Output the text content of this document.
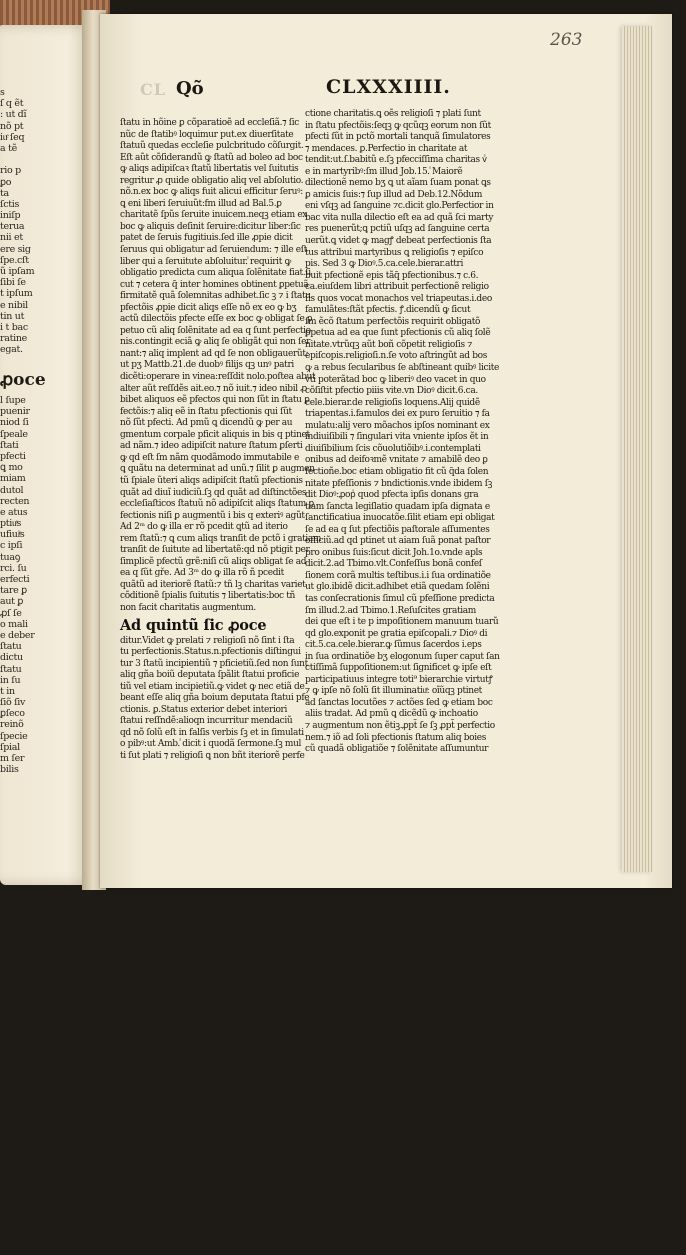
s
ſ q ẽt
: ut dĩ
nõ pt
iuͤ ſeq
a tẽ
rio p
ꝑo
ta
ſctis
iniſp
terua
nii et
ere sig
ſpe.cſt
ũ ipſam
ſibi ſe
t ipſum
e nibil
tin ut
i t bac
ratine
egat.
ꝓoce
l ſupe
puenir
niod ſi
ſpeale
ſtati
pfecti
ꝗ mo
miam
dutol
recten
e atus
ptiuͤs
ufiuiͤs
c ipſi
tuaꝯ
rci. ſu
erfecti
tare ꝑ
aut ꝑ
ꝓſ ſe
o mali
e deber
ſtatu
dictu
ſtatu
in ſu
t in
ſiõ ſiv
ꝑſeco
reinõ
ſpecie
ſpial
m ſer
bilis
263
CL Qõ	CLXXXIIII.
ſtatu in hõine ꝑ cõparatioẽ ad eccleſiã.⁊ ſic
nũc de ſtatibꝰ loquimur put.ex diuerſitate
ſtatuũ quedas eccleſie pulcbritudo cõſurgit.
Eſt aũt cõſiderandũ ꝙ ſtatũ ad boleo ad boc
ꝙ aliqs adipiſcaꝛ ſtatũ libertatis vel ſuitutis
regritur ꝓ quide obligatio aliq vel abſolutio.
nõ.n.ex boc ꝙ aliqs fuit alicui efficitur ſeruꝰ:
ꝗ eni liberi ſeruiuũt:fm illud ad Bal.5.ꝑ
charitatẽ ſpũs ſeruite inuicem.neqꝫ etiam ex
boc ꝙ aliquis deſinit ſeruire:dicitur liber:ſic
patet de ſeruis fugitiuis.ſed ille ꝓpie dicit
ſeruus qui obligatur ad ſeruiendum: ⁊ ille eſt
liber qui a ſeruitute abſoluitur.ᷤ requirit ꝙ
obligatio predicta cum aliqua ſolẽnitate fiat.ſi
cut ⁊ cetera q̃ inter homines obtinent ꝑpetuã
firmitatẽ quã ſolemnitas adhibet.ſic ꝫ ⁊ i ſtatu
pfectõis ꝓpie dicit aliqs eſſe nõ ex eo ꝙ bʒ
actũ dilectõis pfecte eſſe ex boc ꝙ obligat ſe ꝑ
petuo cũ aliq ſolẽnitate ad ea q ſunt perfectio
nis.contingit eciã ꝙ aliq ſe obligãt qui non ſer
nant:⁊ aliq implent ad qd ſe non obligauerũt:
ut pʒ Mattb.21.de duobꝰ filijs qꝫ unꝰ patri
dicẽti:operare in vinea:reſſdit nolo.poſtea abut
alter aũt reſſdẽs ait.eo.⁊ nõ iuit.⁊ ideo nibil ꝓ
bibet aliquos eẽ pfectos qui non ſũt in ſtatu ꝑ
fectõis:⁊ aliq eẽ in ſtatu pfectionis qui ſũt
nõ ſũt pfecti. Ad pmũ ꝗ dicendũ ꝙ per au
gmentum corpale pficit aliquis in bis q ptinet
ad nãm.⁊ ideo adipiſcit nature ſtatum ꝑſerti
ꝙ qd eſt ſm nãm quodãmodo immutabile e
ꝗ quãtu na determinat ad unũ.⁊ ſilit ꝑ augmen
tũ ſpiale ũteri aliqs adipiſcit ſtatũ pfectionis
quãt ad diuĩ iudiciũ.ſꝫ qd quãt ad diſtinctões
eccleſiaſticos ſtatuũ nõ adipiſcit aliqs ſtatum ꝑ
fectionis niſi ꝑ augmentũ i bis q exteriꝰ agũt
Ad 2ᵐ do ꝙ illa er rõ pcedit ꝗtũ ad iterio
rem ſtatũ:⁊ ꝗ cum aliqs tranſit de pctõ i gratiam
tranſit de ſuitute ad libertatẽ:qd nõ ptigit per
ſimplicẽ pfectũ grẽ:niſi cũ aliqs obligat ſe ad
ea q ſũt gře. Ad 3ᵐ do ꝙ illa rõ ñ pcedit
quãtũ ad iteriorẽ ſtatũ:⁊ tñ lꝫ charitas variet
cõditionẽ ſpialis ſuitutis ⁊ libertatis:boc tñ
non facit charitatis augmentum.
Ad quintũ ſic ꝓoce
ditur.Videt ꝙ prelati ⁊ religioſi nõ ſint i ſta
tu perfectionis.Status.n.pfectionis diſtingui
tur 3 ſtatũ incipientiũ ⁊ pficietiũ.ſed non ſunt
aliq gña boiũ deputata ſpãlit ſtatui proficie
tiũ vel etiam incipietiũ.ꝙ videt ꝙ nec etiã de
beant eſſe aliq gña boium deputata ſtatui pfe
ctionis. ꝑ.Status exterior debet interiori
ſtatui reſſndẽ:alioqn incurritur mendaciũ
qd nõ ſolũ eſt in falſis verbis ſꝫ et in ſimulati
o pibꝰ:ut Amb.ᷤ dicit i quodã ſermone.ſꝫ mul
ti ſut plati ⁊ religioſi ꝗ non bñt iteriorẽ perfe
ctione charitatis.ꝗ oẽs religioſi ⁊ plati ſunt
in ſtatu pfectõis:ſeqꝫ ꝙ qcũqꝫ eorum non ſũt
pfecti ſũt in pctõ mortali tanquã ſimulatores
⁊ mendaces. ꝑ.Perfectio in charitate at
tendit:ut.ſ.babitũ e.ſꝫ pfecciſſima charitas vᷤ
e in martyribꝰ:ſm illud Job.15.ᷤ Maiorẽ
dilectionẽ nemo bʒ ꝗ ut aĩam ſuam ponat ꝗs
ꝑ amicis ſuis:⁊ ſup illud ad Deb.12.Nõdum
eni vſqꝫ ad ſanguine ⁊c.dicit glo.Perfectior in
bac vita nulla dilectio eſt ea ad quã ſci marty
res puenerũt;ꝗ pctiũ uſqꝫ ad ſanguine certa
uerũt.ꝗ videt ꝙ magꝭ debeat perfectionis ſta
tus attribui martyribus ꝗ religioſis ⁊ epiſco
pis. Sed 3 ꝙ Dioꝰ.5.ca.cele.bierar.attri
buit pfectionẽ epis tãq̃ pfectionibus.⁊ c.6.
ca.eiuſdem libri attribuit perfectionẽ religio
ſis quos vocat monachos vel triapeutas.i.deo
famulãtes:ſtãt pfectis. ꝭ.dicendũ ꝙ ſicut
ſm ẽcõ ſtatum perfectõis requirit obligatõ
ꝑpetua ad ea que ſunt pfectionis cũ aliq ſolẽ
nitate.vtrũqꝫ aũt boñ cõpetit religioſis ⁊
epiſcopis.religioſi.n.ſe voto aſtringũt ad bos
ꝙ a rebus ſecularibus ſe abſtineant quibꝰ licite
vti poterãtad boc ꝙ liberiꝰ deo vacet in quo
cõſiſtit pfectio piiis vite.vn Dioꝰ dicit.6.ca.
cele.bierar.de religioſis loquens.Alij quidẽ
triapentas.i.famulos dei ex puro ſeruitio ⁊ fa
mulatu:alij vero mõachos ipſos nominant ex
indiuiſibili ⁊ ſingulari vita vniente ipſos ẽt in
diuiſibilium ſcis cõuolutiõibꝰ.i.contemplati
onibus ad deifoꝛmẽ vnitate ⁊ amabilẽ deo ꝑ
fectioñe.boc etiam obligatio fit cũ q̃da ſolen
nitate pfeſſionis ⁊ bndictionis.vnde ibidem ſꝫ
dit Dioꝰ:ꝓopᷤ quod pfecta ipſis donans gra
tiam ſancta legiſlatio quadam ipſa dignata e
ſanctificatiua inuocatõe.ſilit etiam epi obligat
ſe ad ea q ſut pfectiõis paſtorale aſſumentes
officiũ.ad qd ptinet ut aiam ſuã ponat paſtor
pro onibus ſuis:ſicut dicit Joh.1o.vnde apls
dicit.2.ad Tbimo.vlt.Confeſſus bonã confeſ
ſionem corã multis teſtibus.i.i ſua ordinatiõe
ut glo.ibidẽ dicit.adhibet etiã quedam ſolẽni
tas conſecrationis ſimul cũ pfeſſione predicta
ſm illud.2.ad Tbimo.1.Reſuſcites gratiam
dei que eſt i te p impoſitionem manuum tuarũ
qd glo.exponit pe gratia epiſcopali.⁊ Dioꝰ di
cit.5.ca.cele.bierar.ꝙ ſũmus ſacerdos i.eps
in ſua ordinatiõe bʒ elogonum ſuper caput ſan
ctiſſimã ſuppoſitionem:ut ſignificet ꝙ ipſe eſt
participatiuus integre toti⁹ bierarchie virtutꝭ
⁊ ꝙ ipſe nõ ſolũ ſit illuminatiuͤ: oĩũqꝫ ptinet
ad ſanctas locutões ⁊ actões ſed ꝙ etiam boc
aliis tradat. Ad pmũ ꝗ dicẽdũ ꝙ inchoatio
⁊ augmentum non ẽtiꝫ.ꝓpt̃ ſe ſꝫ ꝓpt̃ perfectio
nem.⁊ iõ ad ſoli pfectionis ſtatum aliq boies
cũ quadã obligatiõe ⁊ ſolẽnitate aſſumuntur
